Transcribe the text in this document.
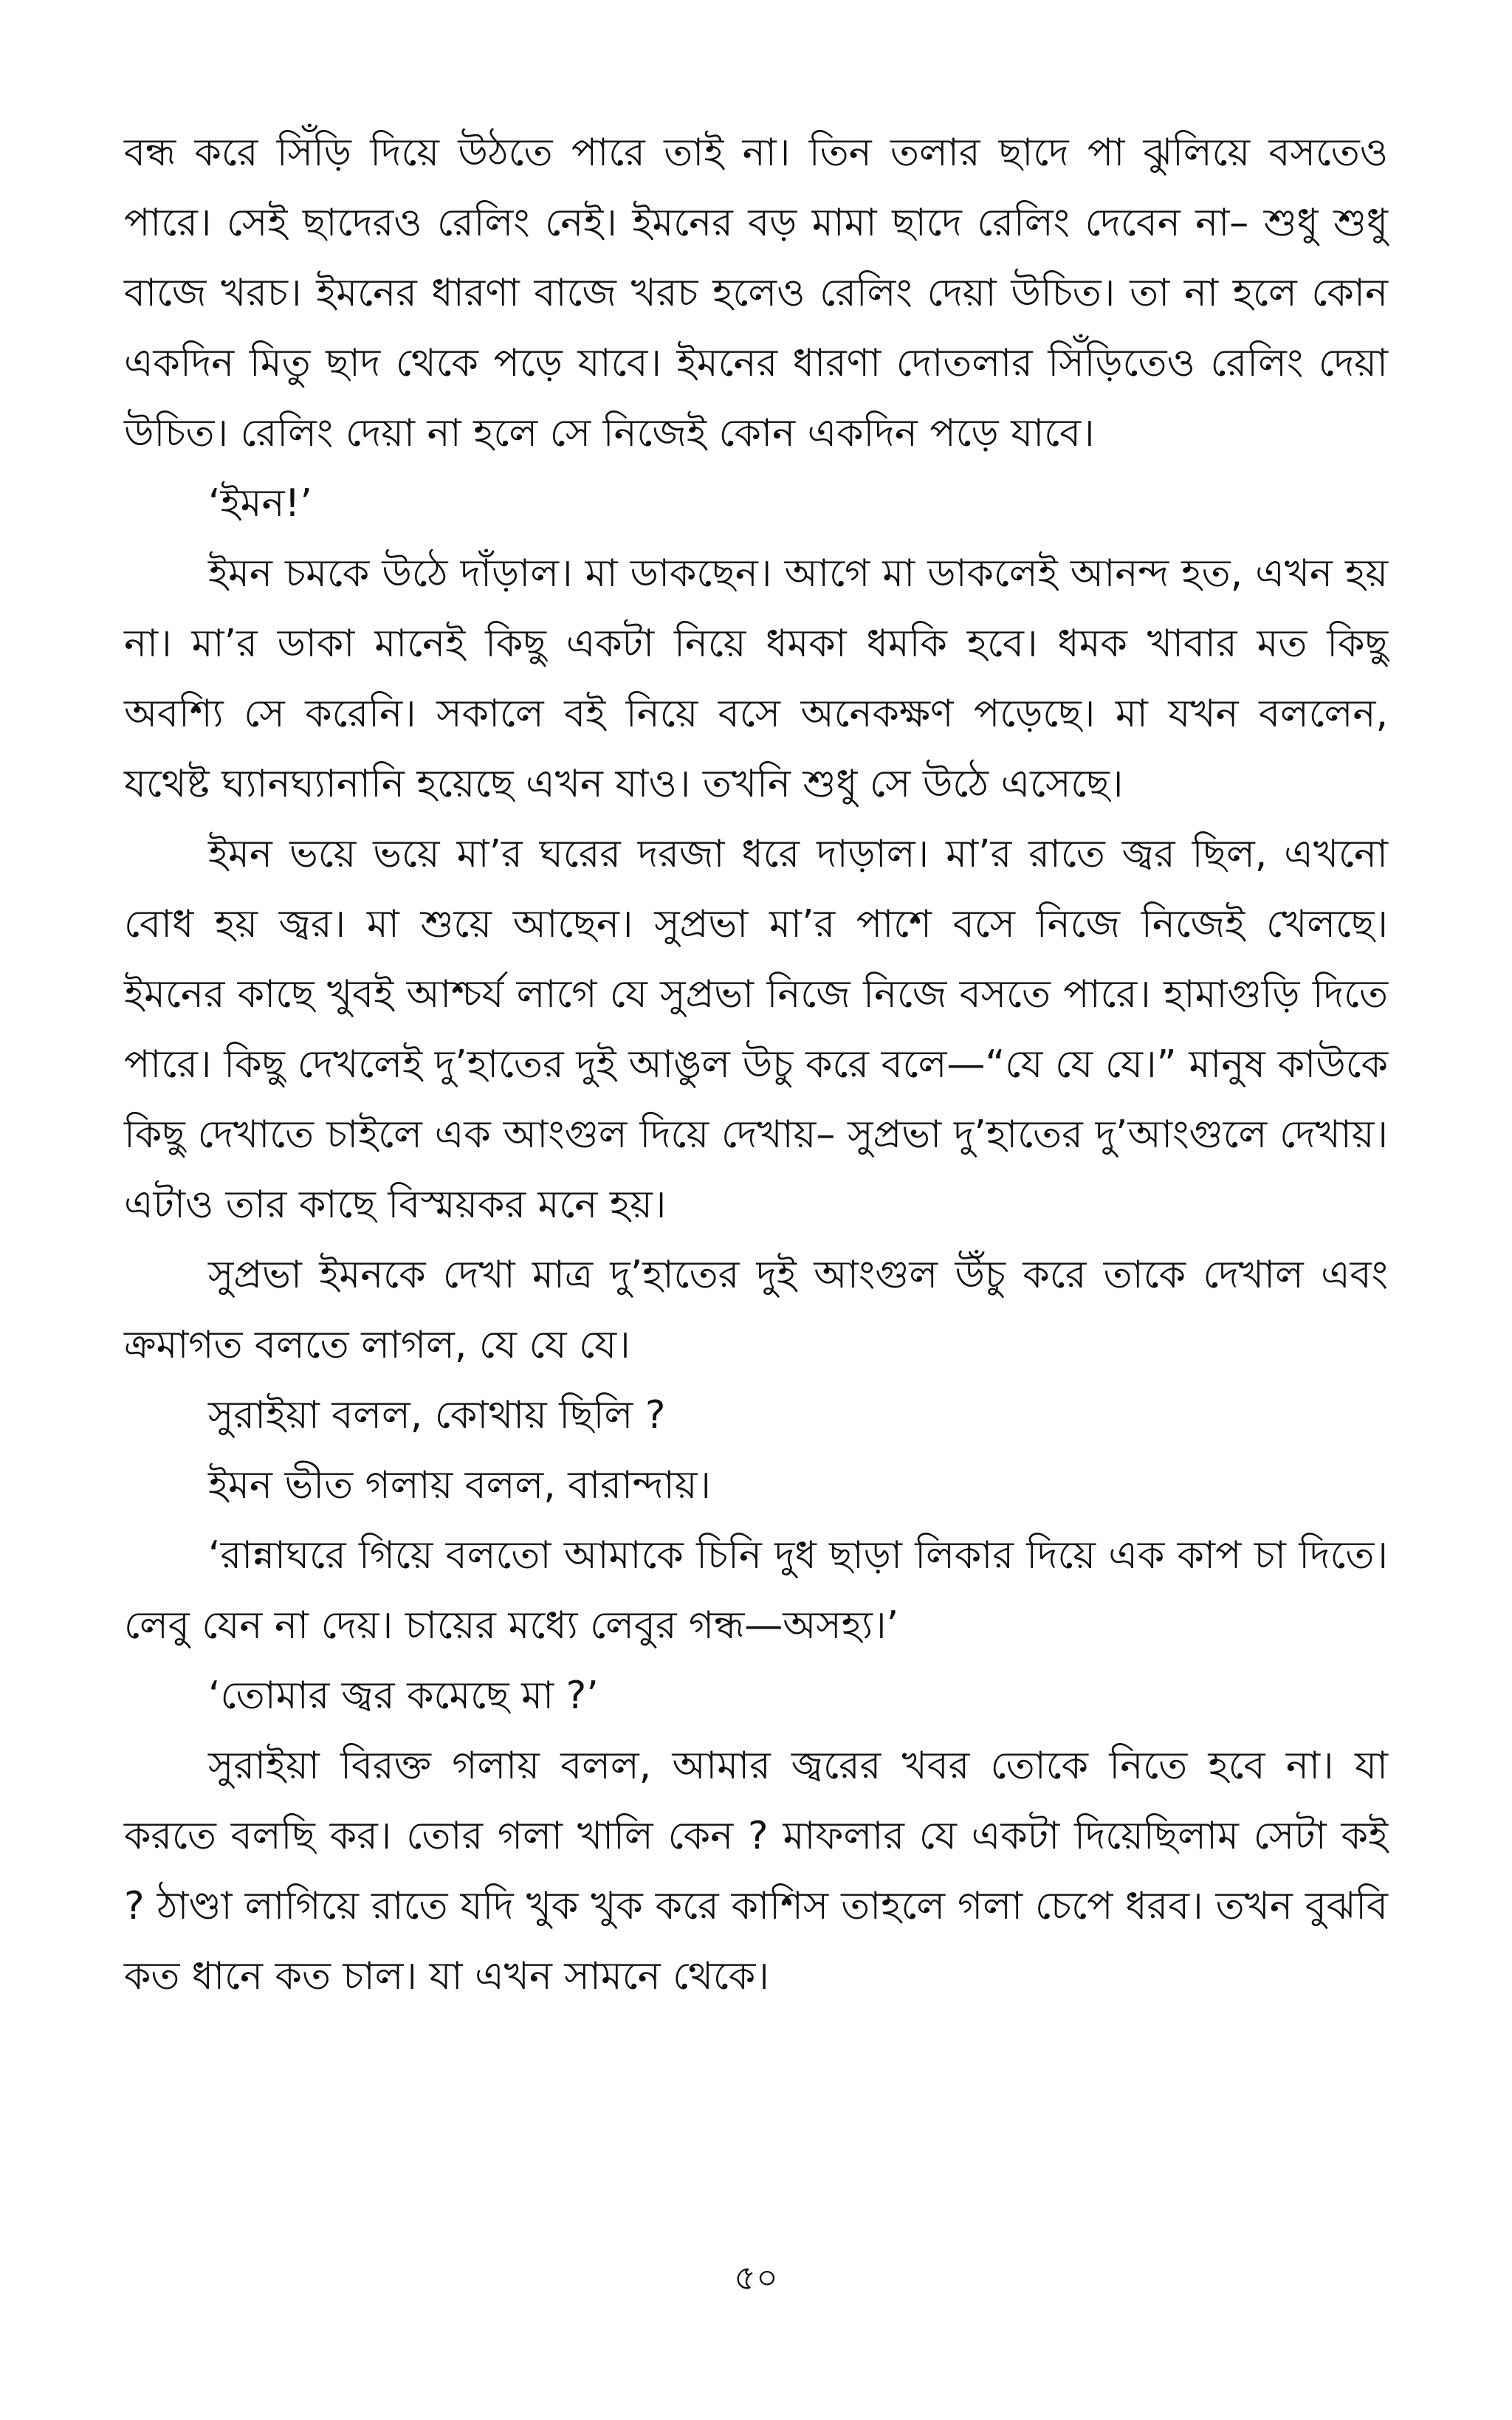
বন্ধ করে সিঁড়ি দিয়ে উঠতে পারে তাই না। তিন তলার ছাদে পা ঝুলিয়ে বসতেও পারে। সেই ছাদেরও রেলিং নেই। ইমনের বড় মামা ছাদে রেলিং দেবেন না– শুধু শুধু বাজে খরচ। ইমনের ধারণা বাজে খরচ হলেও রেলিং দেয়া উচিত। তা না হলে কোন একদিন মিতু ছাদ থেকে পড়ে যাবে। ইমনের ধারণা দোতলার সিঁড়িতেও রেলিং দেয়া উচিত। রেলিং দেয়া না হলে সে নিজেই কোন একদিন পড়ে যাবে।

‘ইমন!’

ইমন চমকে উঠে দাঁড়াল। মা ডাকছেন। আগে মা ডাকলেই আনন্দ হত, এখন হয় না। মা’র ডাকা মানেই কিছু একটা নিয়ে ধমকা ধমকি হবে। ধমক খাবার মত কিছু অবশ্যি সে করেনি। সকালে বই নিয়ে বসে অনেকক্ষণ পড়েছে। মা যখন বললেন, যথেষ্ট ঘ্যানঘ্যানানি হয়েছে এখন যাও। তখনি শুধু সে উঠে এসেছে।

ইমন ভয়ে ভয়ে মা’র ঘরের দরজা ধরে দাড়াল। মা’র রাতে জ্বর ছিল, এখনো বোধ হয় জ্বর। মা শুয়ে আছেন। সুপ্রভা মা’র পাশে বসে নিজে নিজেই খেলছে। ইমনের কাছে খুবই আশ্চর্য লাগে যে সুপ্রভা নিজে নিজে বসতে পারে। হামাগুড়ি দিতে পারে। কিছু দেখলেই দু’হাতের দুই আঙুল উচু করে বলে—“যে যে যে।” মানুষ কাউকে কিছু দেখাতে চাইলে এক আংগুল দিয়ে দেখায়– সুপ্রভা দু’হাতের দু’আংগুলে দেখায়। এটাও তার কাছে বিস্ময়কর মনে হয়।

সুপ্রভা ইমনকে দেখা মাত্র দু’হাতের দুই আংগুল উঁচু করে তাকে দেখাল এবং ক্রমাগত বলতে লাগল, যে যে যে।

সুরাইয়া বলল, কোথায় ছিলি ?

ইমন ভীত গলায় বলল, বারান্দায়।

‘রান্নাঘরে গিয়ে বলতো আমাকে চিনি দুধ ছাড়া লিকার দিয়ে এক কাপ চা দিতে। লেবু যেন না দেয়। চায়ের মধ্যে লেবুর গন্ধ—অসহ্য।’

‘তোমার জ্বর কমেছে মা ?’

সুরাইয়া বিরক্ত গলায় বলল, আমার জ্বরের খবর তোকে নিতে হবে না। যা করতে বলছি কর। তোর গলা খালি কেন ? মাফলার যে একটা দিয়েছিলাম সেটা কই ? ঠাণ্ডা লাগিয়ে রাতে যদি খুক খুক করে কাশিস তাহলে গলা চেপে ধরব। তখন বুঝবি কত ধানে কত চাল। যা এখন সামনে থেকে।

৫০
